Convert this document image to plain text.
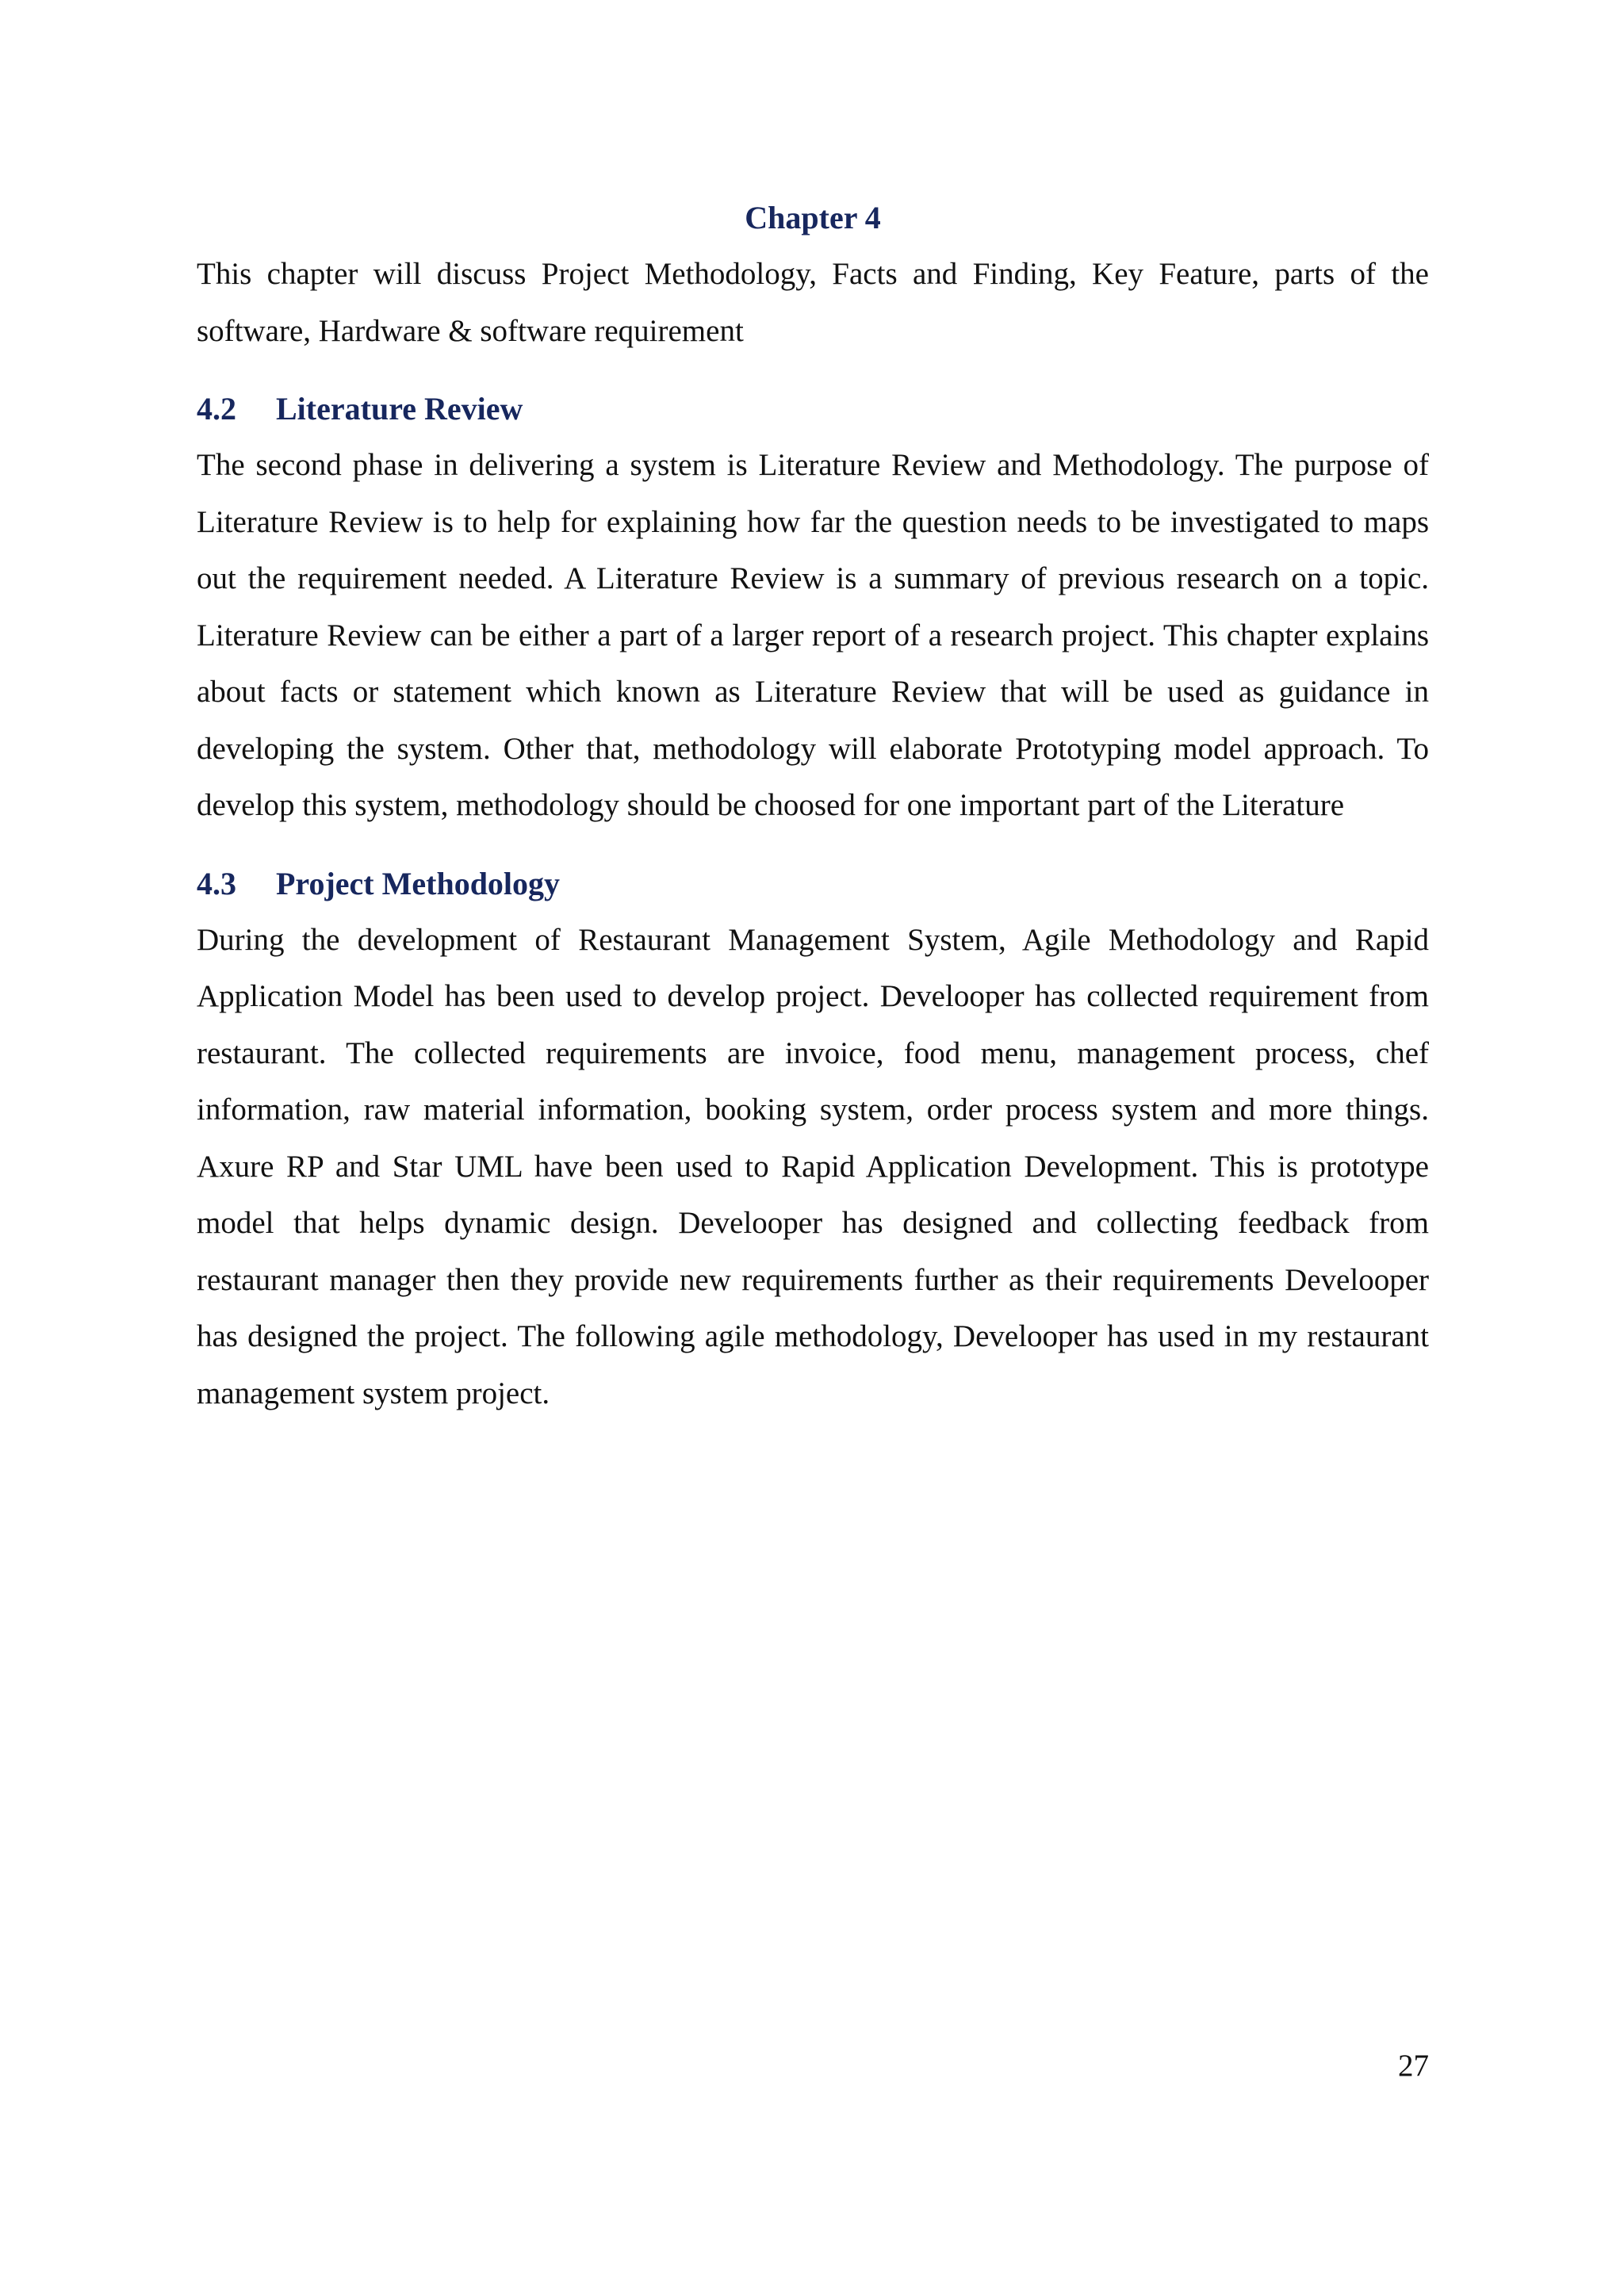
Chapter 4

This chapter will discuss Project Methodology, Facts and Finding, Key Feature, parts of the software, Hardware & software requirement

4.2	Literature Review

The second phase in delivering a system is Literature Review and Methodology. The purpose of Literature Review is to help for explaining how far the question needs to be investigated to maps out the requirement needed. A Literature Review is a summary of previous research on a topic. Literature Review can be either a part of a larger report of a research project. This chapter explains about facts or statement which known as Literature Review that will be used as guidance in developing the system. Other that, methodology will elaborate Prototyping model approach. To develop this system, methodology should be choosed for one important part of the Literature

4.3	Project Methodology

During the development of Restaurant Management System, Agile Methodology and Rapid Application Model has been used to develop project. Develooper has collected requirement from restaurant. The collected requirements are invoice, food menu, management process, chef information, raw material information, booking system, order process system and more things. Axure RP and Star UML have been used to Rapid Application Development. This is prototype model that helps dynamic design. Develooper has designed and collecting feedback from restaurant manager then they provide new requirements further as their requirements Develooper has designed the project. The following agile methodology, Develooper has used in my restaurant management system project.

27
